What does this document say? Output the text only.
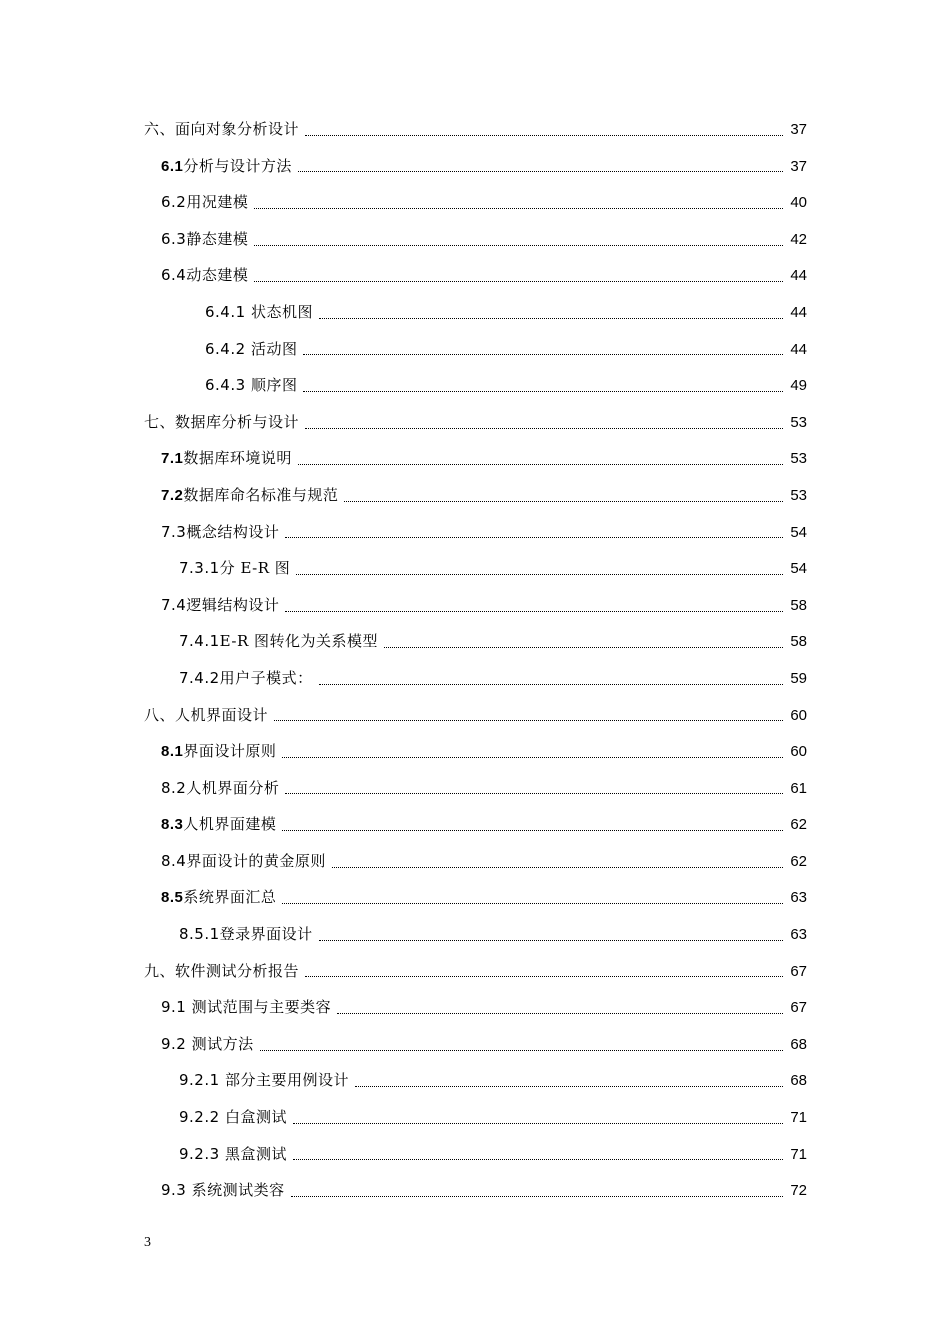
六、面向对象分析设计	37
6.1分析与设计方法	37
6.2用况建模	40
6.3静态建模	42
6.4动态建模	44
6.4.1 状态机图	44
6.4.2 活动图	44
6.4.3 顺序图	49
七、数据库分析与设计	53
7.1数据库环境说明	53
7.2数据库命名标准与规范	53
7.3概念结构设计	54
7.3.1分 E-R 图	54
7.4逻辑结构设计	58
7.4.1E-R 图转化为关系模型	58
7.4.2用户子模式：	59
八、人机界面设计	60
8.1界面设计原则	60
8.2人机界面分析	61
8.3人机界面建模	62
8.4界面设计的黄金原则	62
8.5系统界面汇总	63
8.5.1登录界面设计	63
九、软件测试分析报告	67
9.1 测试范围与主要类容	67
9.2 测试方法	68
9.2.1 部分主要用例设计	68
9.2.2 白盒测试	71
9.2.3 黑盒测试	71
9.3 系统测试类容	72
3
